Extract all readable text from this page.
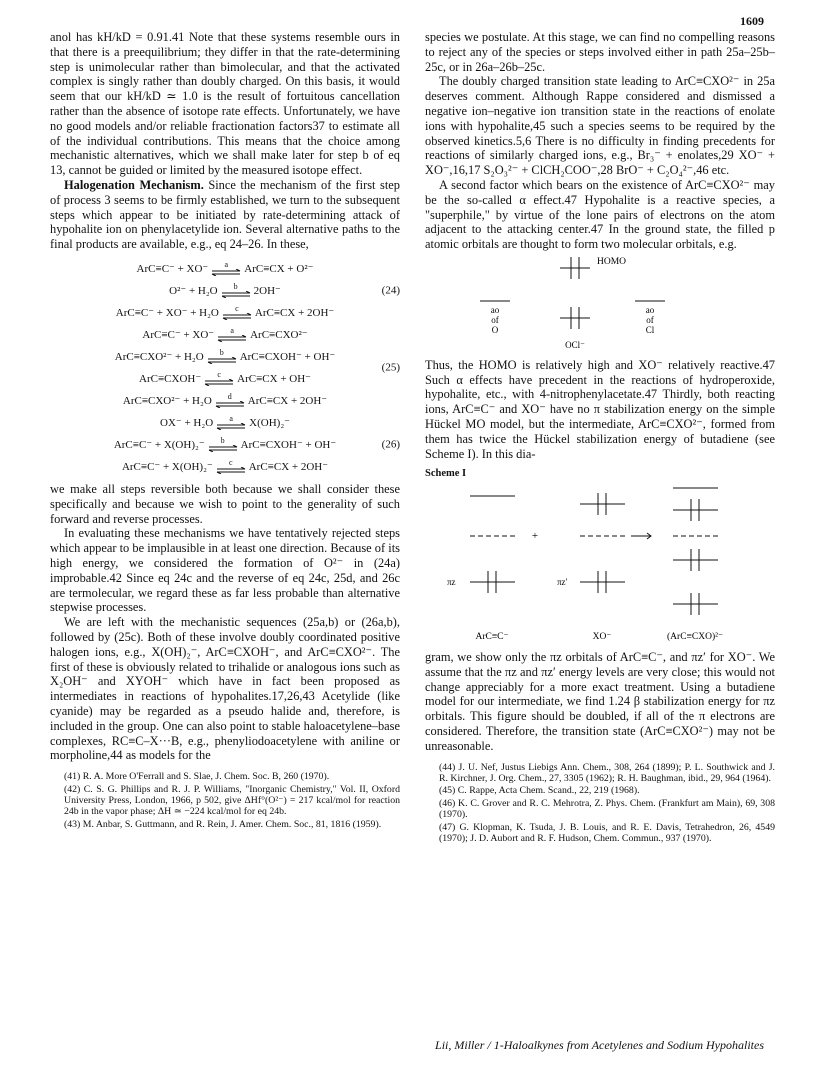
1609

anol has kH/kD = 0.91.41 Note that these systems resemble ours in that there is a preequilibrium; they differ in that the rate-determining step is unimolecular rather than bimolecular, and that the activated complex is singly rather than doubly charged. On this basis, it would seem that our kH/kD ≃ 1.0 is the result of fortuitous cancellation rather than the absence of isotope rate effects. Unfortunately, we have no good models and/or reliable fractionation factors37 to estimate all of the individual contributions. This means that the choice among mechanistic alternatives, which we shall make later for step b of eq 13, cannot be guided or limited by the measured isotope effect.

Halogenation Mechanism. Since the mechanism of the first step of process 3 seems to be firmly established, we turn to the subsequent steps which appear to be initiated by rate-determining attack of hypohalite ion on phenylacetylide ion. Several alternative paths to the final products are available, e.g., eq 24–26. In these,

ArC≡C⁻ + XO⁻ a ArC≡CX + O²⁻
O²⁻ + H₂O b 2OH⁻
ArC≡C⁻ + XO⁻ + H₂O c ArC≡CX + 2OH⁻
(24)
ArC≡C⁻ + XO⁻ a ArC≡CXO²⁻
ArC≡CXO²⁻ + H₂O b ArC≡CXOH⁻ + OH⁻
ArC≡CXOH⁻ c ArC≡CX + OH⁻
ArC≡CXO²⁻ + H₂O d ArC≡CX + 2OH⁻
(25)
OX⁻ + H₂O a X(OH)₂⁻
ArC≡C⁻ + X(OH)₂⁻ b ArC≡CXOH⁻ + OH⁻
ArC≡C⁻ + X(OH)₂⁻ c ArC≡CX + 2OH⁻
(26)

we make all steps reversible both because we shall consider these specifically and because we wish to point to the generality of such forward and reverse processes.

In evaluating these mechanisms we have tentatively rejected steps which appear to be implausible in at least one direction. Because of its high energy, we considered the formation of O²⁻ in (24a) improbable.42 Since eq 24c and the reverse of eq 24c, 25d, and 26c are termolecular, we regard these as far less probable than alternative stepwise processes.

We are left with the mechanistic sequences (25a,b) or (26a,b), followed by (25c). Both of these involve doubly coordinated positive halogen ions, e.g., X(OH)₂⁻, ArC≡CXOH⁻, and ArC≡CXO²⁻. The first of these is obviously related to trihalide or analogous ions such as X₂OH⁻ and XYOH⁻ which have in fact been proposed as intermediates in reactions of hypohalites.17,26,43 Acetylide (like cyanide) may be regarded as a pseudo halide and, therefore, is included in the group. One can also point to stable haloacetylene–base complexes, RC≡C–X···B, e.g., phenyliodoacetylene with aniline or morpholine,44 as models for the

(41) R. A. More O'Ferrall and S. Slae, J. Chem. Soc. B, 260 (1970).
(42) C. S. G. Phillips and R. J. P. Williams, "Inorganic Chemistry," Vol. II, Oxford University Press, London, 1966, p 502, give ΔHf°(O²⁻) = 217 kcal/mol for reaction 24b in the vapor phase; ΔH ≃ −224 kcal/mol for eq 24b.
(43) M. Anbar, S. Guttmann, and R. Rein, J. Amer. Chem. Soc., 81, 1816 (1959).

species we postulate. At this stage, we can find no compelling reasons to reject any of the species or steps involved either in path 25a–25b–25c, or in 26a–26b–25c.

The doubly charged transition state leading to ArC≡CXO²⁻ in 25a deserves comment. Although Rappe considered and dismissed a negative ion–negative ion transition state in the reactions of enolate ions with hypohalite,45 such a species seems to be required by the observed kinetics.5,6 There is no difficulty in finding precedents for reactions of similarly charged ions, e.g., Br₃⁻ + enolates,29 XO⁻ + XO⁻,16,17 S₂O₃²⁻ + ClCH₂COO⁻,28 BrO⁻ + C₂O₄²⁻,46 etc.

A second factor which bears on the existence of ArC≡CXO²⁻ may be the so-called α effect.47 Hypohalite is a reactive species, a "superphile," by virtue of the lone pairs of electrons on the atom adjacent to the attacking center.47 In the ground state, the filled p atomic orbitals are thought to form two molecular orbitals, e.g.

HOMO
ao
of
O
ao
of
Cl
OCl⁻

Thus, the HOMO is relatively high and XO⁻ relatively reactive.47 Such α effects have precedent in the reactions of hydroperoxide, hypohalite, etc., with 4-nitrophenylacetate.47 Thirdly, both reacting ions, ArC≡C⁻ and XO⁻ have no π stabilization energy on the simple Hückel MO model, but the intermediate, ArC≡CXO²⁻, formed from them has twice the Hückel stabilization energy of butadiene (see Scheme I). In this dia-

Scheme I
+
πz	πz′
ArC≡C⁻	XO⁻	(ArC≡CXO)²⁻

gram, we show only the πz orbitals of ArC≡C⁻, and πz′ for XO⁻. We assume that the πz and πz′ energy levels are very close; this would not change appreciably for a more exact treatment. Using a butadiene model for our intermediate, we find 1.24 β stabilization energy for πz orbitals. This figure should be doubled, if all of the π electrons are considered. Therefore, the transition state (ArC≡CXO²⁻) may not be unreasonable.

(44) J. U. Nef, Justus Liebigs Ann. Chem., 308, 264 (1899); P. L. Southwick and J. R. Kirchner, J. Org. Chem., 27, 3305 (1962); R. H. Baughman, ibid., 29, 964 (1964).
(45) C. Rappe, Acta Chem. Scand., 22, 219 (1968).
(46) K. C. Grover and R. C. Mehrotra, Z. Phys. Chem. (Frankfurt am Main), 69, 308 (1970).
(47) G. Klopman, K. Tsuda, J. B. Louis, and R. E. Davis, Tetrahedron, 26, 4549 (1970); J. D. Aubort and R. F. Hudson, Chem. Commun., 937 (1970).
Lii, Miller / 1-Haloalkynes from Acetylenes and Sodium Hypohalites
